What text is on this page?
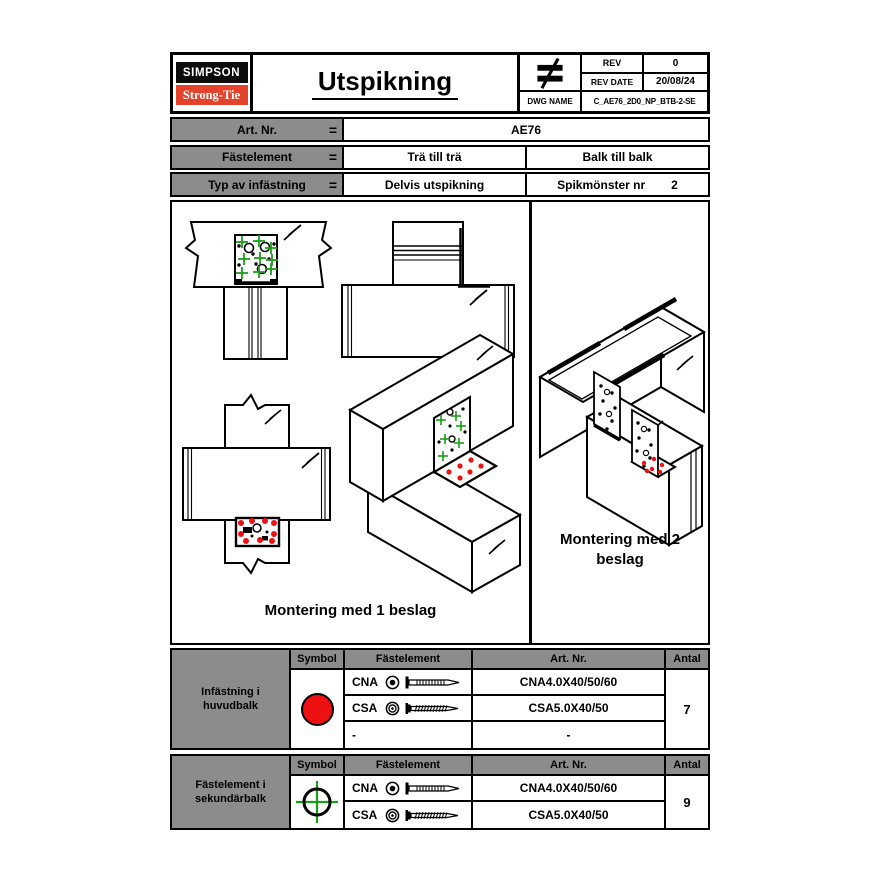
SIMPSON
Strong-Tie	Utspikning
REV	0
REV DATE	20/08/24
DWG NAME	C_AE76_2D0_NP_BTB-2-SE
Art. Nr.	=	AE76
Fästelement	=	Trä till trä	Balk till balk
Typ av infästning =	Delvis utspikning	Spikmönster nr 2
Montering med 1 beslag
Montering med 2 beslag
Infästning i huvudbalk
Symbol	Fästelement	Art. Nr.	Antal
CNA	CNA4.0X40/50/60
CSA	CSA5.0X40/50
-	-
7
Fästelement i sekundärbalk
Symbol	Fästelement	Art. Nr.	Antal
CNA	CNA4.0X40/50/60
CSA	CSA5.0X40/50
9
